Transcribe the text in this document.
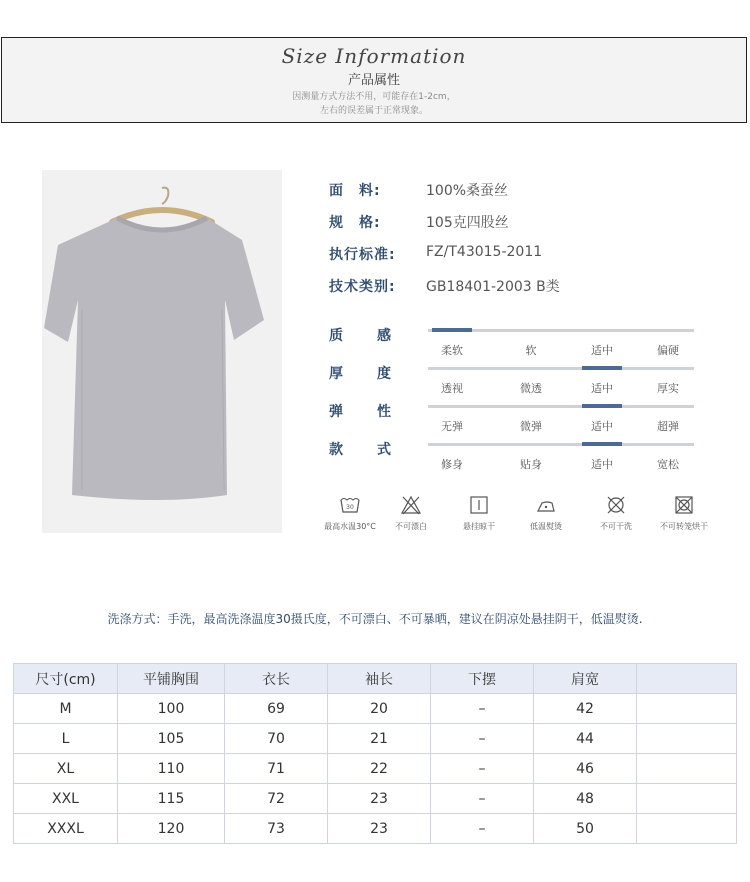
Size Information
产品属性
因测量方式方法不用，可能存在1-2cm，
左右的误差属于正常现象。
面　料:	100%桑蚕丝
规　格:	105克四股丝
执行标准: FZ/T43015-2011
技术类别: GB18401-2003 B类
质 感
柔软	软	适中	偏硬
厚 度
透视	微透	适中	厚实
弹 性
无弹	微弹	适中	超弹
款 式
修身	贴身	适中	宽松
30
最高水温30°C	不可漂白	悬挂晾干	低温熨烫	不可干洗	不可转笼烘干
洗涤方式：手洗，最高洗涤温度30摄氏度，不可漂白、不可暴晒，建议在阴凉处悬挂阴干，低温熨烫.
尺寸(cm)	平铺胸围	衣长	袖长	下摆	肩宽	
M	100	69	20	–	42	
L	105	70	21	–	44	
XL	110	71	22	–	46	
XXL	115	72	23	–	48	
XXXL	120	73	23	–	50	
